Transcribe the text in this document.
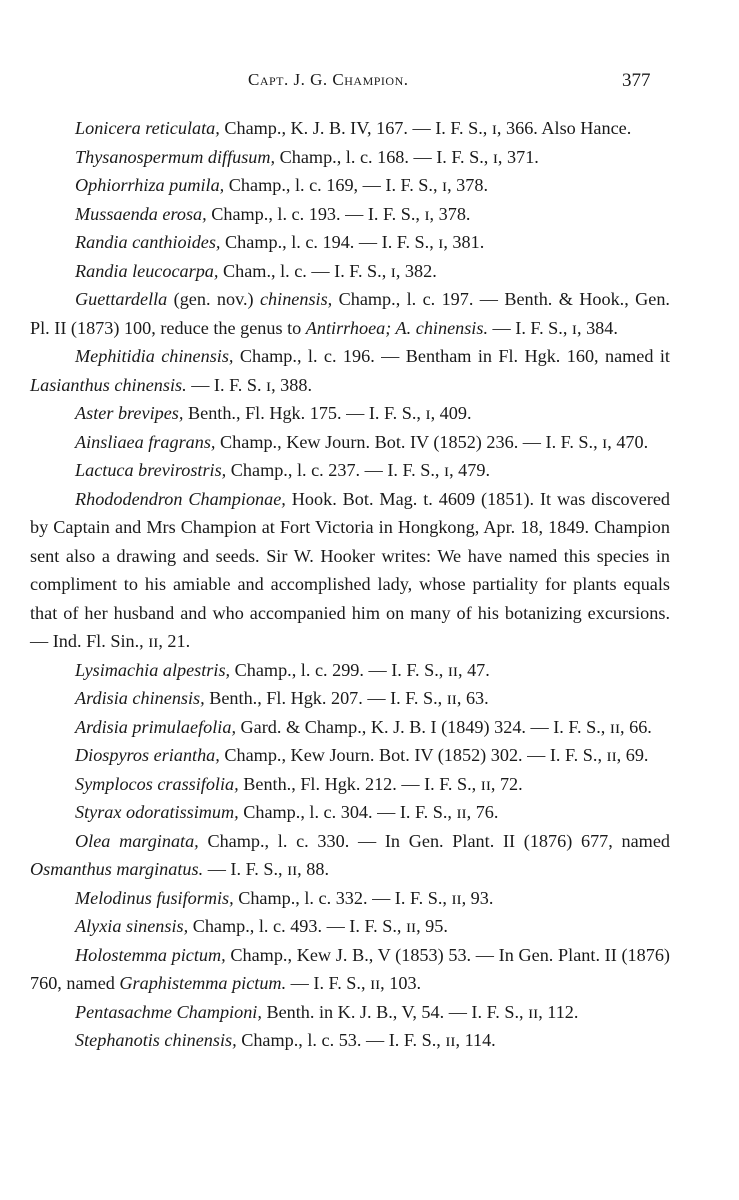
Capt. J. G. Champion.	377

Lonicera reticulata, Champ., K. J. B. IV, 167. — I. F. S., ɪ, 366. Also Hance.

Thysanospermum diffusum, Champ., l. c. 168. — I. F. S., ɪ, 371.

Ophiorrhiza pumila, Champ., l. c. 169, — I. F. S., ɪ, 378.

Mussaenda erosa, Champ., l. c. 193. — I. F. S., ɪ, 378.

Randia canthioides, Champ., l. c. 194. — I. F. S., ɪ, 381.

Randia leucocarpa, Cham., l. c. — I. F. S., ɪ, 382.

Guettardella (gen. nov.) chinensis, Champ., l. c. 197. — Benth. & Hook., Gen. Pl. II (1873) 100, reduce the genus to Antirrhoea; A. chinensis. — I. F. S., ɪ, 384.

Mephitidia chinensis, Champ., l. c. 196. — Bentham in Fl. Hgk. 160, named it Lasianthus chinensis. — I. F. S. ɪ, 388.

Aster brevipes, Benth., Fl. Hgk. 175. — I. F. S., ɪ, 409.

Ainsliaea fragrans, Champ., Kew Journ. Bot. IV (1852) 236. — I. F. S., ɪ, 470.

Lactuca brevirostris, Champ., l. c. 237. — I. F. S., ɪ, 479.

Rhododendron Championae, Hook. Bot. Mag. t. 4609 (1851). It was discovered by Captain and Mrs Champion at Fort Victoria in Hongkong, Apr. 18, 1849. Champion sent also a drawing and seeds. Sir W. Hooker writes: We have named this species in compliment to his amiable and accomplished lady, whose partiality for plants equals that of her husband and who accompanied him on many of his botanizing excursions. — Ind. Fl. Sin., ɪɪ, 21.

Lysimachia alpestris, Champ., l. c. 299. — I. F. S., ɪɪ, 47.

Ardisia chinensis, Benth., Fl. Hgk. 207. — I. F. S., ɪɪ, 63.

Ardisia primulaefolia, Gard. & Champ., K. J. B. I (1849) 324. — I. F. S., ɪɪ, 66.

Diospyros eriantha, Champ., Kew Journ. Bot. IV (1852) 302. — I. F. S., ɪɪ, 69.

Symplocos crassifolia, Benth., Fl. Hgk. 212. — I. F. S., ɪɪ, 72.

Styrax odoratissimum, Champ., l. c. 304. — I. F. S., ɪɪ, 76.

Olea marginata, Champ., l. c. 330. — In Gen. Plant. II (1876) 677, named Osmanthus marginatus. — I. F. S., ɪɪ, 88.

Melodinus fusiformis, Champ., l. c. 332. — I. F. S., ɪɪ, 93.

Alyxia sinensis, Champ., l. c. 493. — I. F. S., ɪɪ, 95.

Holostemma pictum, Champ., Kew J. B., V (1853) 53. — In Gen. Plant. II (1876) 760, named Graphistemma pictum. — I. F. S., ɪɪ, 103.

Pentasachme Championi, Benth. in K. J. B., V, 54. — I. F. S., ɪɪ, 112.

Stephanotis chinensis, Champ., l. c. 53. — I. F. S., ɪɪ, 114.
